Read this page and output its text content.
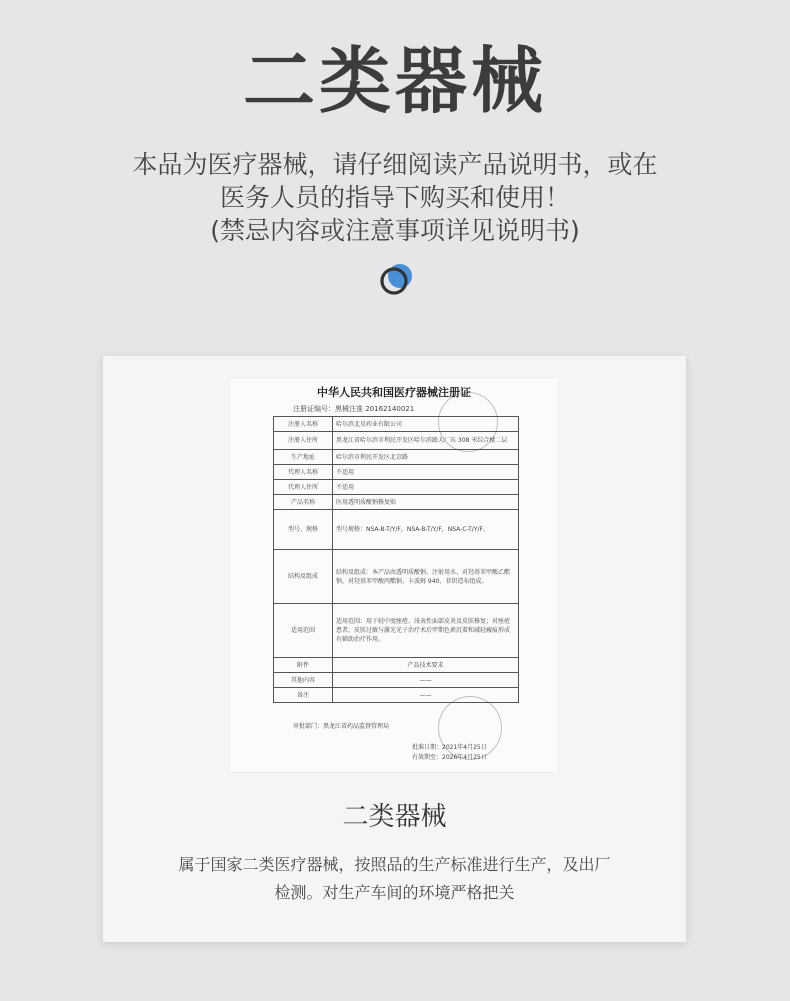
二类器械
本品为医疗器械，请仔细阅读产品说明书，或在
医务人员的指导下购买和使用！
(禁忌内容或注意事项详见说明书)
中华人民共和国医疗器械注册证
注册证编号：黑械注准 20162140021
注册人名称	哈尔滨北星药业有限公司
注册人住所	黑龙江省哈尔滨市利民开发区哈尔滨路大厂东 308 米综合楼二层
生产地址	哈尔滨市利民开发区北京路
代理人名称	不适用
代理人住所	不适用
产品名称	医用透明质酸钠修复贴
型号、规格	型号规格：NSA-B-T/Y/F，NSA-B-T/Y/F，NSA-C-T/Y/F。
结构及组成	结构及组成：本产品由透明质酸钠、注射用水、对羟基苯甲酸乙酯钠、对羟基苯甲酸丙酯钠、卡波姆 940、非织造布组成。
适用范围	适用范围：用于轻中度痤疮、浅表性面部皮炎及皮肤修复；对痤疮患者，皮肤过敏与激光光子治疗术后甲期色素沉着和减轻瘢痕形成有辅助治疗作用。
附件	产品技术要求
其他内容	——
备注	——
审批部门：黑龙江省药品监督管理局
批准日期：2021年4月25日
有效期至：2026年4月25日
二类器械
属于国家二类医疗器械，按照品的生产标准进行生产，及出厂
检测。对生产车间的环境严格把关
